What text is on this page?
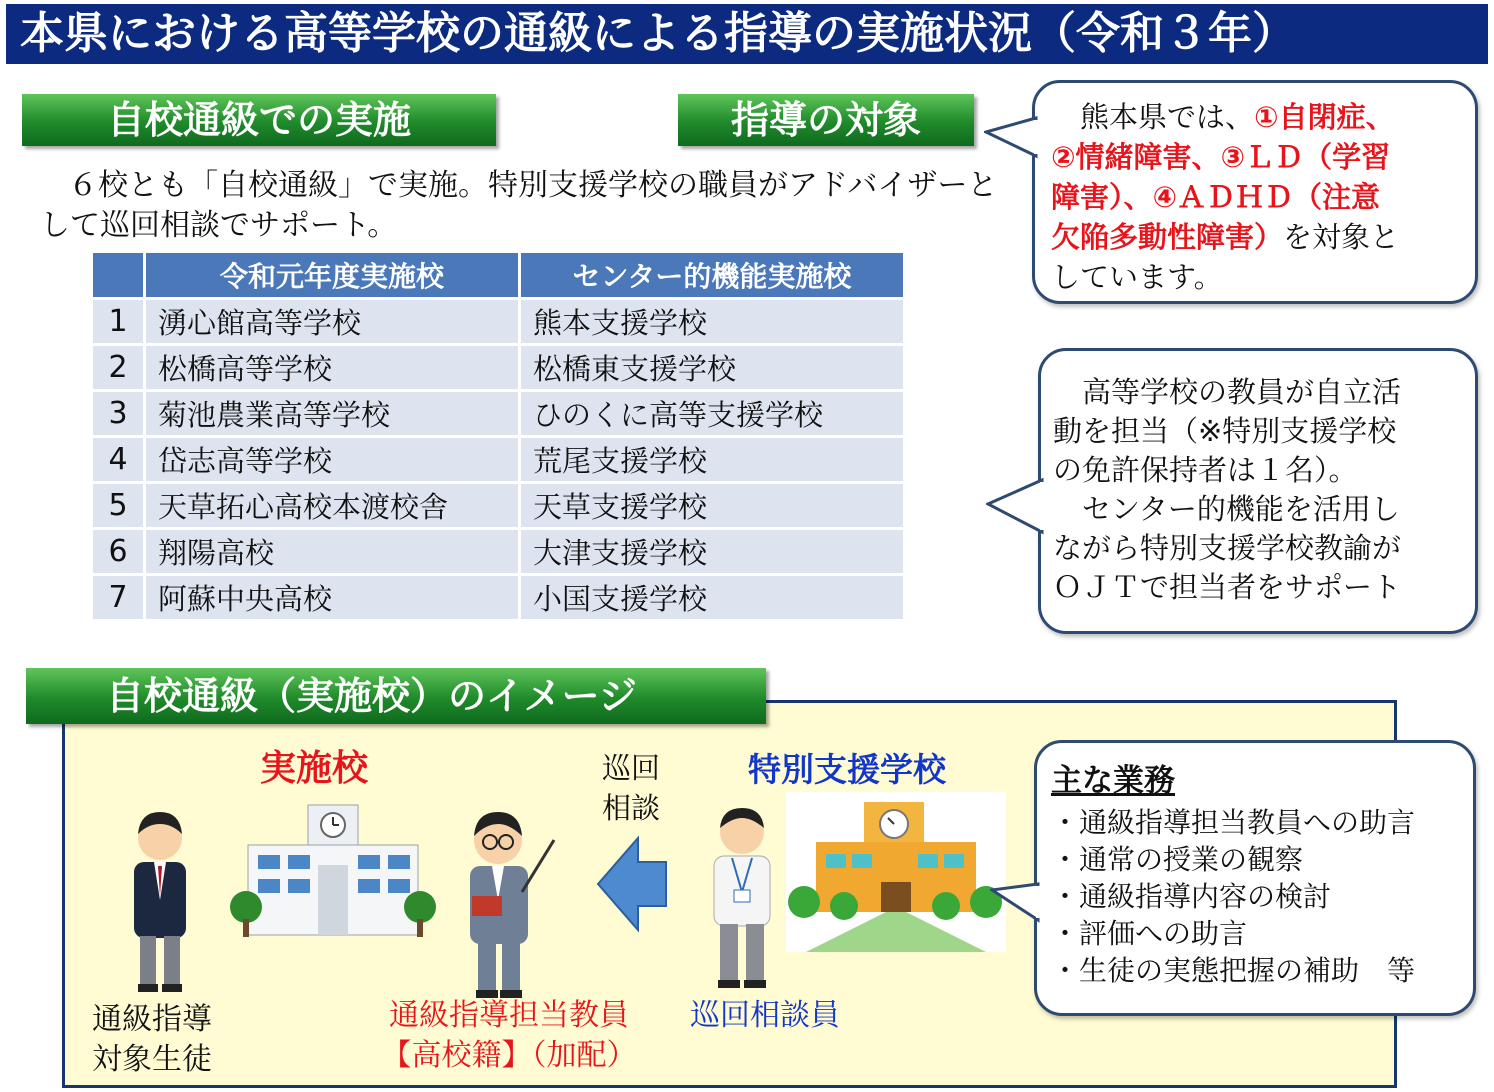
本県における高等学校の通級による指導の実施状況（令和３年）
自校通級での実施	指導の対象
６校とも「自校通級」で実施。特別支援学校の職員がアドバイザーと
して巡回相談でサポート。
	令和元年度実施校	センター的機能実施校
1	湧心館高等学校	熊本支援学校
2	松橋高等学校	松橋東支援学校
3	菊池農業高等学校	ひのくに高等支援学校
4	岱志高等学校	荒尾支援学校
5	天草拓心高校本渡校舎	天草支援学校
6	翔陽高校	大津支援学校
7	阿蘇中央高校	小国支援学校
　熊本県では、①自閉症、
②情緒障害、③ＬＤ（学習
障害）、④ＡＤＨＤ（注意
欠陥多動性障害）を対象と
しています。
　高等学校の教員が自立活
動を担当（※特別支援学校
の免許保持者は１名）。
　センター的機能を活用し
ながら特別支援学校教諭が
ＯＪＴで担当者をサポート
自校通級（実施校）のイメージ
実施校	特別支援学校
巡回
相談
通級指導
対象生徒
通級指導担当教員
【高校籍】（加配）
巡回相談員
主な業務
・通級指導担当教員への助言
・通常の授業の観察
・通級指導内容の検討
・評価への助言
・生徒の実態把握の補助　等
